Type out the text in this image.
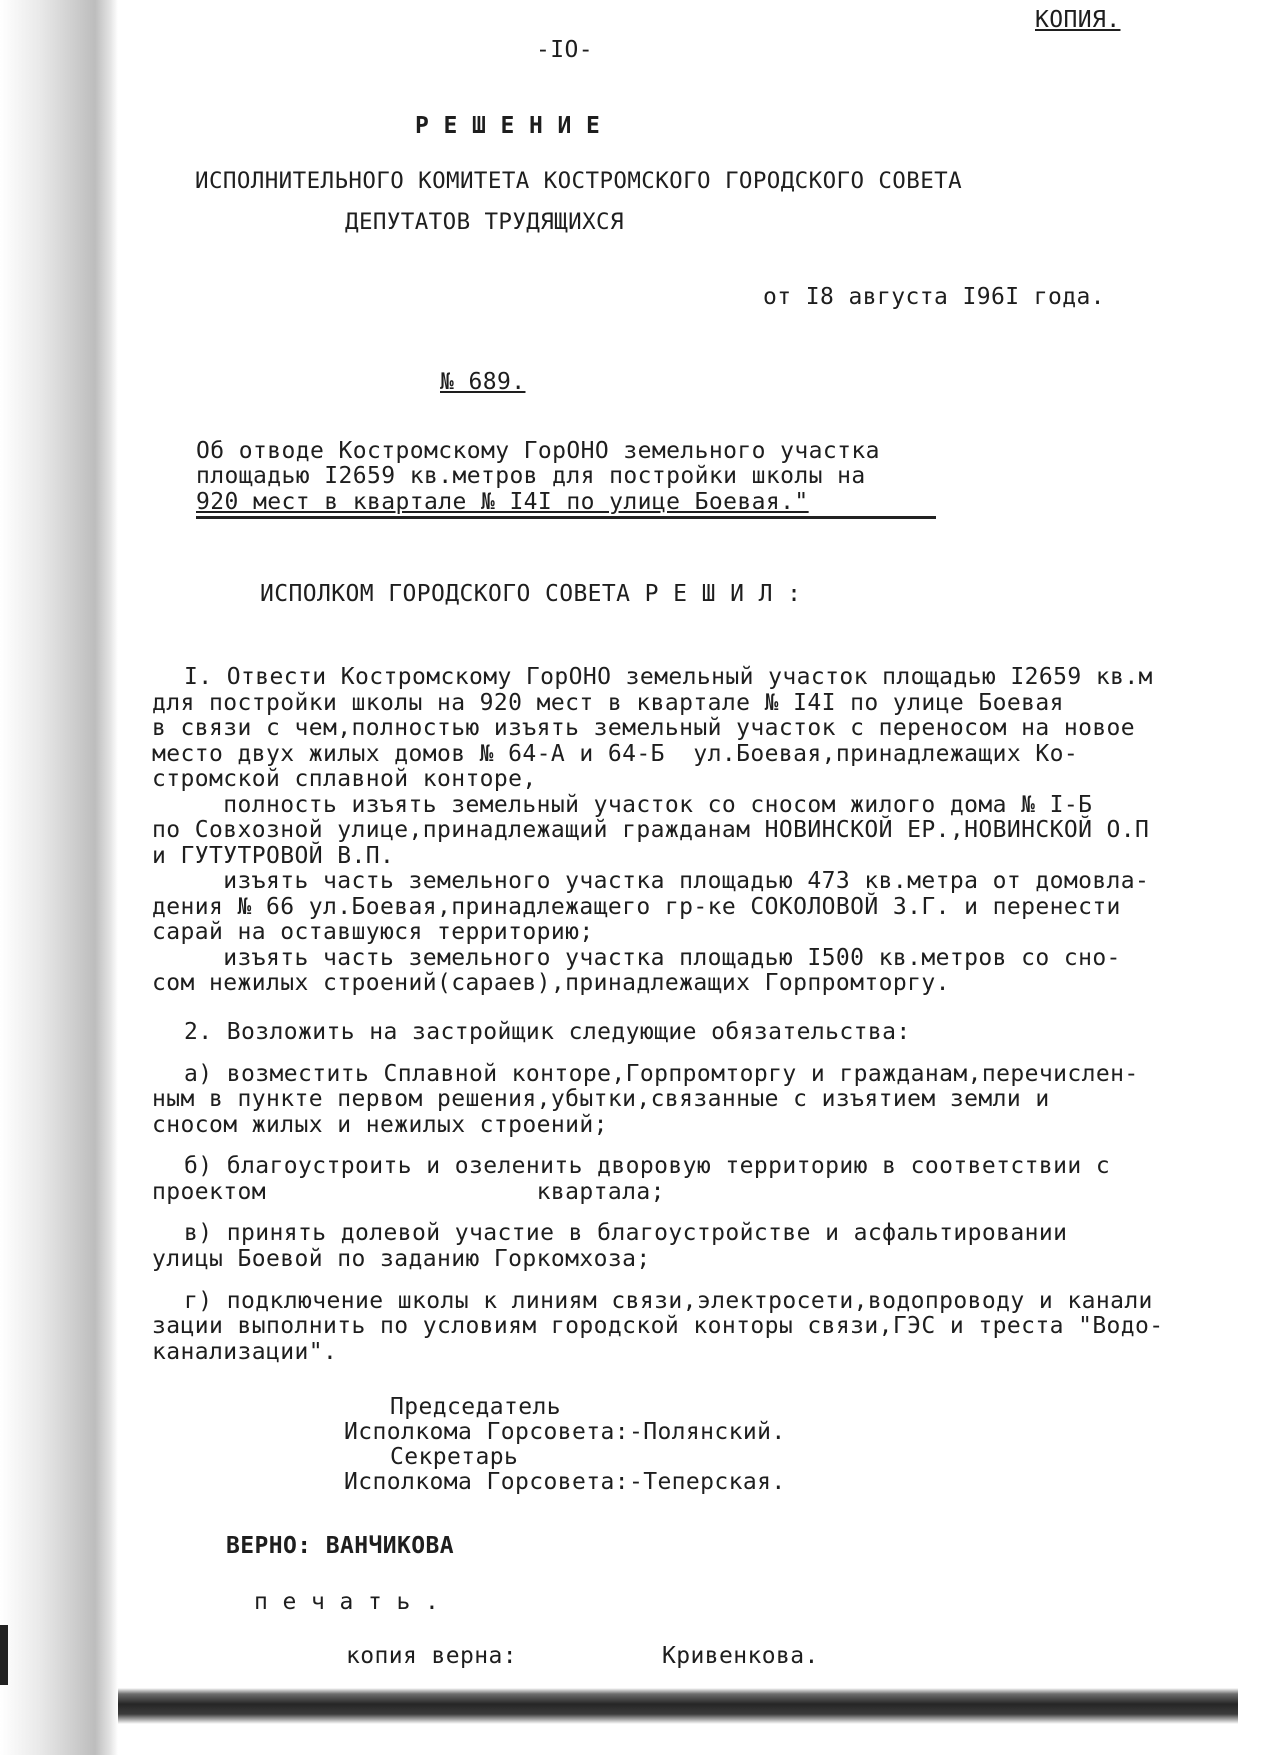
-IO-
КОПИЯ.
Р Е Ш Е Н И Е
ИСПОЛНИТЕЛЬНОГО КОМИТЕТА КОСТРОМСКОГО ГОРОДСКОГО СОВЕТА
ДЕПУТАТОВ ТРУДЯЩИХСЯ
от I8 августа I96I года.
№ 689.
Об отводе Костромскому ГорОНО земельного участка
площадью I2659 кв.метров для постройки школы на
920 мест в квартале № I4I по улице Боевая."
ИСПОЛКОМ ГОРОДСКОГО СОВЕТА Р Е Ш И Л :
I. Отвести Костромскому ГорОНО земельный участок площадью I2659 кв.м
для постройки школы на 920 мест в квартале № I4I по улице Боевая
в связи с чем,полностью изъять земельный участок с переносом на новое
место двух жилых домов № 64-А и 64-Б  ул.Боевая,принадлежащих Ко-
стромской сплавной конторе,
полность изъять земельный участок со сносом жилого дома № I-Б
по Совхозной улице,принадлежащий гражданам НОВИНСКОЙ ЕР.,НОВИНСКОЙ О.П
и ГУТУТРОВОЙ В.П.
изъять часть земельного участка площадью 473 кв.метра от домовла-
дения № 66 ул.Боевая,принадлежащего гр-ке СОКОЛОВОЙ З.Г. и перенести
сарай на оставшуюся территорию;
изъять часть земельного участка площадью I500 кв.метров со сно-
сом нежилых строений(сараев),принадлежащих Горпромторгу.
2. Возложить на застройщик следующие обязательства:
а) возместить Сплавной конторе,Горпромторгу и гражданам,перечислен-
ным в пункте первом решения,убытки,связанные с изъятием земли и
сносом жилых и нежилых строений;
б) благоустроить и озеленить дворовую территорию в соответствии с
проектом                   квартала;
в) принять долевой участие в благоустройстве и асфальтировании
улицы Боевой по заданию Горкомхоза;
г) подключение школы к линиям связи,электросети,водопроводу и канали
зации выполнить по условиям городской конторы связи,ГЭС и треста "Водо-
канализации".
Председатель
Исполкома Горсовета:-Полянский.
Секретарь
Исполкома Горсовета:-Теперская.
ВЕРНО: ВАНЧИКОВА
п е ч а т ь .
копия верна:	Кривенкова.
